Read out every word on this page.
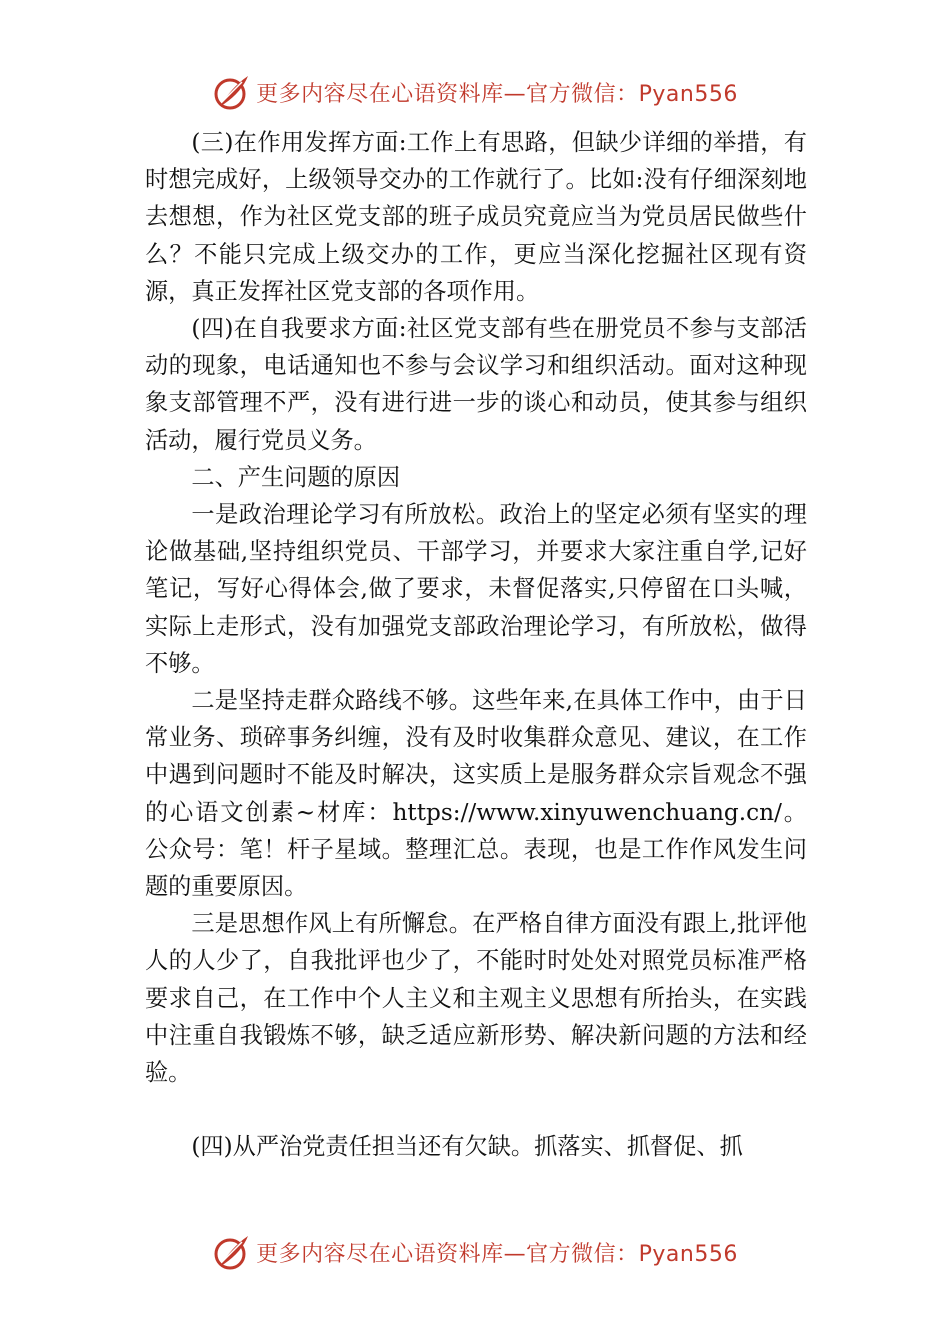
更多内容尽在心语资料库—官方微信：Pyan556

(三)在作用发挥方面:工作上有思路，但缺少详细的举措，有时想完成好，上级领导交办的工作就行了。比如:没有仔细深刻地去想想，作为社区党支部的班子成员究竟应当为党员居民做些什么？不能只完成上级交办的工作，更应当深化挖掘社区现有资源，真正发挥社区党支部的各项作用。

(四)在自我要求方面:社区党支部有些在册党员不参与支部活动的现象，电话通知也不参与会议学习和组织活动。面对这种现象支部管理不严，没有进行进一步的谈心和动员，使其参与组织活动，履行党员义务。

二、产生问题的原因

一是政治理论学习有所放松。政治上的坚定必须有坚实的理论做基础,坚持组织党员、干部学习，并要求大家注重自学,记好笔记，写好心得体会,做了要求，未督促落实,只停留在口头喊，实际上走形式，没有加强党支部政治理论学习，有所放松，做得不够。

二是坚持走群众路线不够。这些年来,在具体工作中，由于日常业务、琐碎事务纠缠，没有及时收集群众意见、建议，在工作中遇到问题时不能及时解决，这实质上是服务群众宗旨观念不强的心语文创素~材库：https://www.xinyuwenchuang.cn/。公众号：笔！杆子星域。整理汇总。表现，也是工作作风发生问题的重要原因。

三是思想作风上有所懈怠。在严格自律方面没有跟上,批评他人的人少了，自我批评也少了，不能时时处处对照党员标准严格要求自己，在工作中个人主义和主观主义思想有所抬头，在实践中注重自我锻炼不够，缺乏适应新形势、解决新问题的方法和经验。

(四)从严治党责任担当还有欠缺。抓落实、抓督促、抓

更多内容尽在心语资料库—官方微信：Pyan556
